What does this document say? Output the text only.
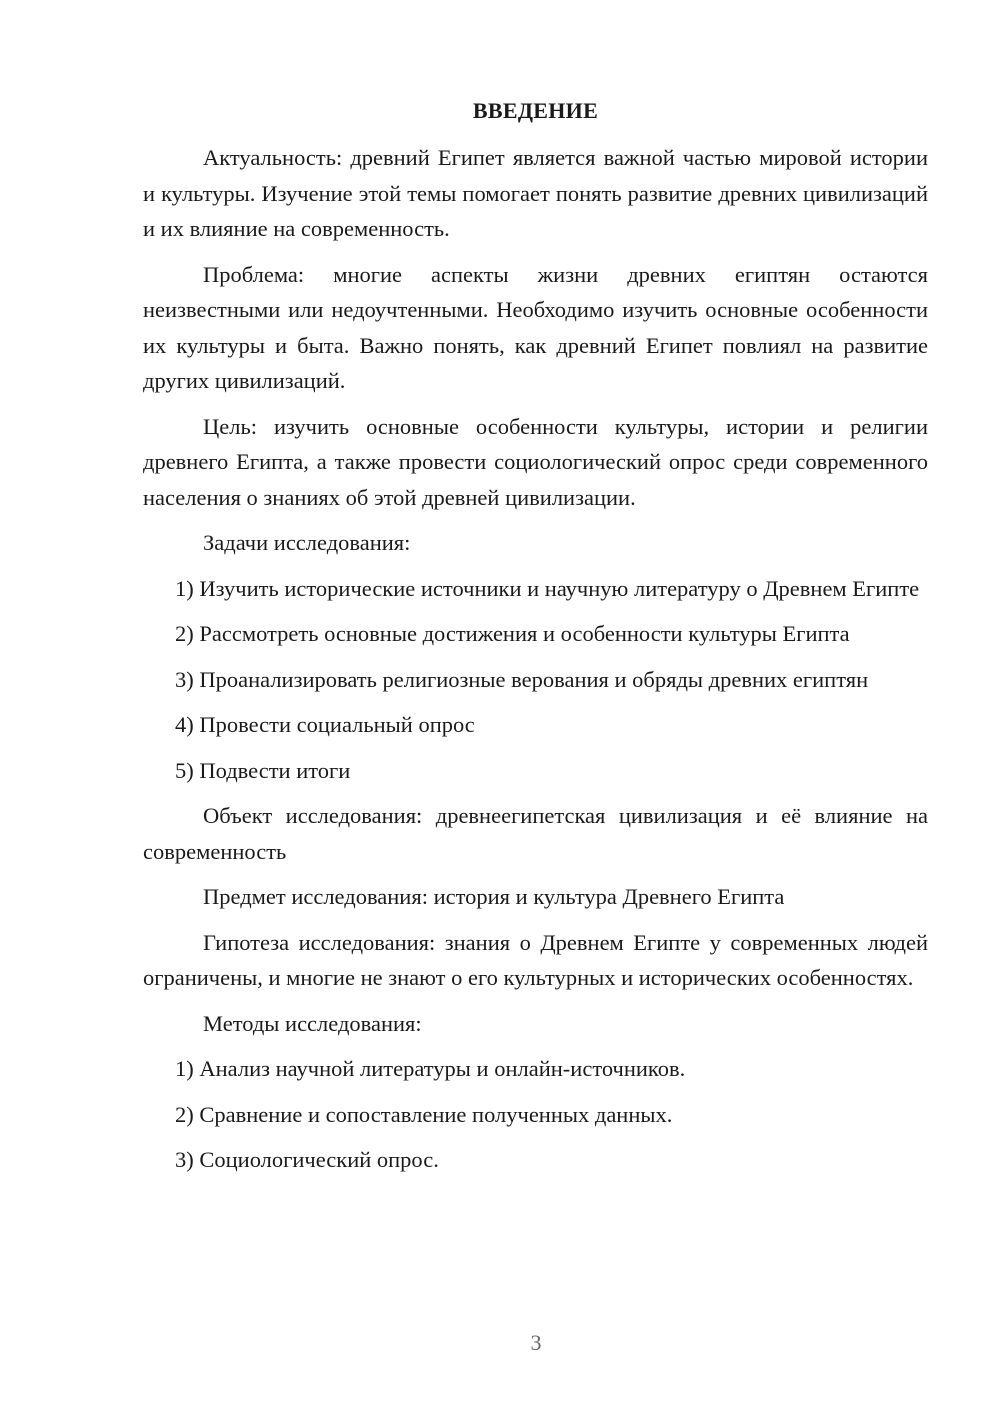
ВВЕДЕНИЕ

Актуальность: древний Египет является важной частью мировой истории и культуры. Изучение этой темы помогает понять развитие древних цивилизаций и их влияние на современность.

Проблема: многие аспекты жизни древних египтян остаются неизвестными или недоучтенными. Необходимо изучить основные особенности их культуры и быта. Важно понять, как древний Египет повлиял на развитие других цивилизаций.

Цель: изучить основные особенности культуры, истории и религии древнего Египта, а также провести социологический опрос среди современного населения о знаниях об этой древней цивилизации.

Задачи исследования:

1) Изучить исторические источники и научную литературу о Древнем Египте

2) Рассмотреть основные достижения и особенности культуры Египта

3) Проанализировать религиозные верования и обряды древних египтян

4) Провести социальный опрос

5) Подвести итоги

Объект исследования: древнеегипетская цивилизация и её влияние на современность

Предмет исследования: история и культура Древнего Египта

Гипотеза исследования: знания о Древнем Египте у современных людей ограничены, и многие не знают о его культурных и исторических особенностях.

Методы исследования:

1) Анализ научной литературы и онлайн-источников.

2) Сравнение и сопоставление полученных данных.

3) Социологический опрос.

3
